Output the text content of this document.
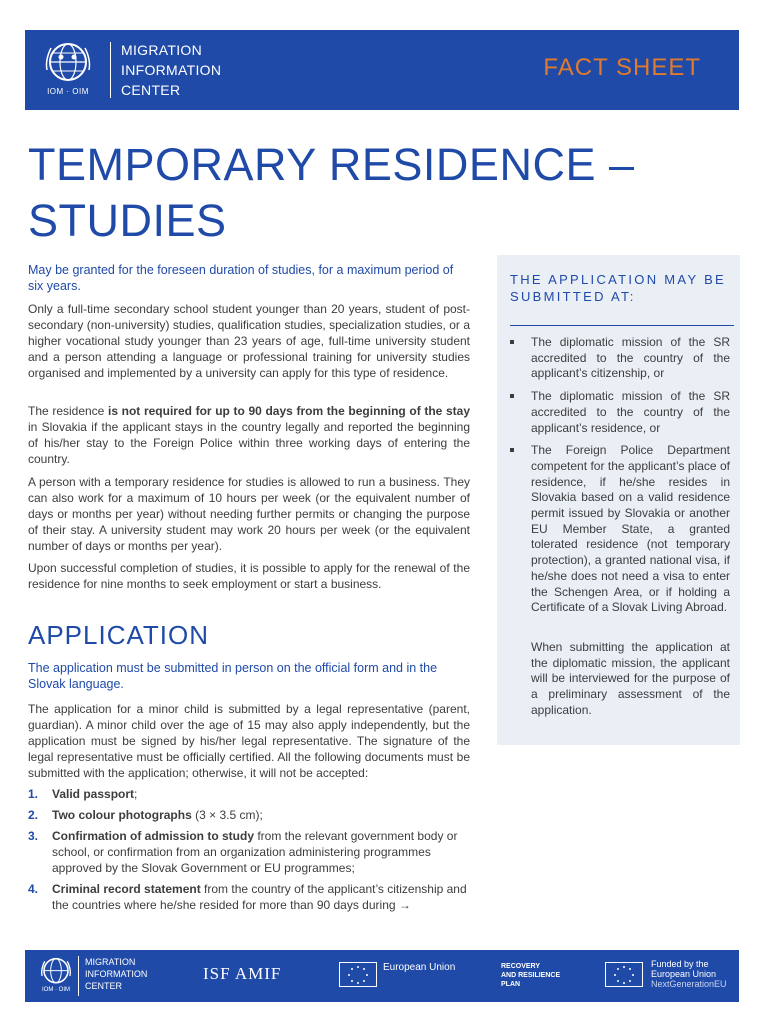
IOM · OIM
MIGRATION
INFORMATION
CENTER
FACT SHEET
TEMPORARY RESIDENCE –
STUDIES
May be granted for the foreseen duration of studies, for a maximum period of six years.
Only a full-time secondary school student younger than 20 years, student of post-secondary (non-university) studies, qualification studies, specialization studies, or a higher vocational study younger than 23 years of age, full-time university student and a person attending a language or professional training for university studies organised and implemented by a university can apply for this type of residence.
The residence is not required for up to 90 days from the beginning of the stay in Slovakia if the applicant stays in the country legally and reported the beginning of his/her stay to the Foreign Police within three working days of entering the country.
A person with a temporary residence for studies is allowed to run a business. They can also work for a maximum of 10 hours per week (or the equivalent number of days or months per year) without needing further permits or changing the purpose of their stay. A university student may work 20 hours per week (or the equivalent number of days or months per year).
Upon successful completion of studies, it is possible to apply for the renewal of the residence for nine months to seek employment or start a business.
APPLICATION
The application must be submitted in person on the official form and in the Slovak language.
The application for a minor child is submitted by a legal representative (parent, guardian). A minor child over the age of 15 may also apply independently, but the application must be signed by his/her legal representative. The signature of the legal representative must be officially certified. All the following documents must be submitted with the application; otherwise, it will not be accepted:
1. Valid passport;
2. Two colour photographs (3 × 3.5 cm);
3. Confirmation of admission to study from the relevant government body or school, or confirmation from an organization administering programmes approved by the Slovak Government or EU programmes;
4. Criminal record statement from the country of the applicant’s citizenship and the countries where he/she resided for more than 90 days during →
THE APPLICATION MAY BE SUBMITTED AT:
The diplomatic mission of the SR accredited to the country of the applicant’s citizenship, or
The diplomatic mission of the SR accredited to the country of the applicant’s residence, or
The Foreign Police Department competent for the applicant’s place of residence, if he/she resides in Slovakia based on a valid residence permit issued by Slovakia or another EU Member State, a granted tolerated residence (not temporary protection), a granted national visa, if he/she does not need a visa to enter the Schengen Area, or if holding a Certificate of a Slovak Living Abroad.
When submitting the application at the diplomatic mission, the applicant will be interviewed for the purpose of a preliminary assessment of the application.
IOM · OIM
MIGRATION
INFORMATION
CENTER
ISF AMIF	European Union	RECOVERY
AND RESILIENCE
PLAN
Funded by the
European Union
NextGenerationEU
